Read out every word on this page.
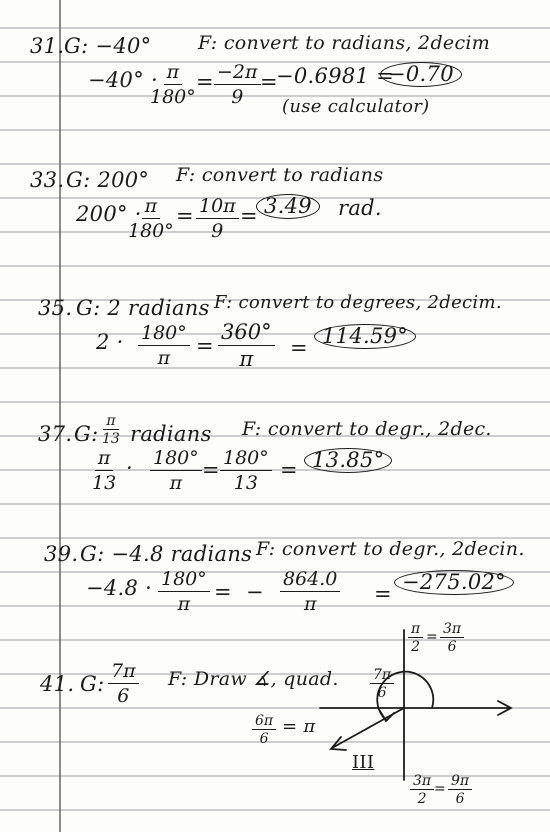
31. G: −40° F: convert to radians, 2decim
−40° ·
$\frac{\pi}{180^\circ} = \frac{-2\pi}{9}$ =
−0.6981 =
−0.70
(use calculator)
33. G: 200° F: convert to radians
200° ·
$\frac{\pi}{180^\circ} = \frac{10\pi}{9} = 3.49$	rad.
35. G: 2 radians F: convert to degrees, 2decim.
$2 \cdot \frac{180^\circ}{\pi} = \frac{360^\circ}{\pi} = 114.59^\circ$
37. G: $\frac{\pi}{13}$ radians F: convert to degr., 2dec.
$\frac{\pi}{13} \cdot \frac{180^\circ}{\pi} = \frac{180^\circ}{13} = 13.85^\circ$
39. G: −4.8 radians F: convert to degr., 2decin.
$-4.8 \cdot \frac{180^\circ}{\pi}$ = − $\frac{864.0}{\pi} = -275.02^\circ$
41. G: $\frac{7\pi}{6} F$: Draw ∡, quad.
$\frac{\pi}{2} = \frac{3\pi}{6}$
$\frac{7\pi}{6}$
$\frac{6\pi}{6} = \pi$
III
$\frac{3\pi}{2} = \frac{9\pi}{6}$
